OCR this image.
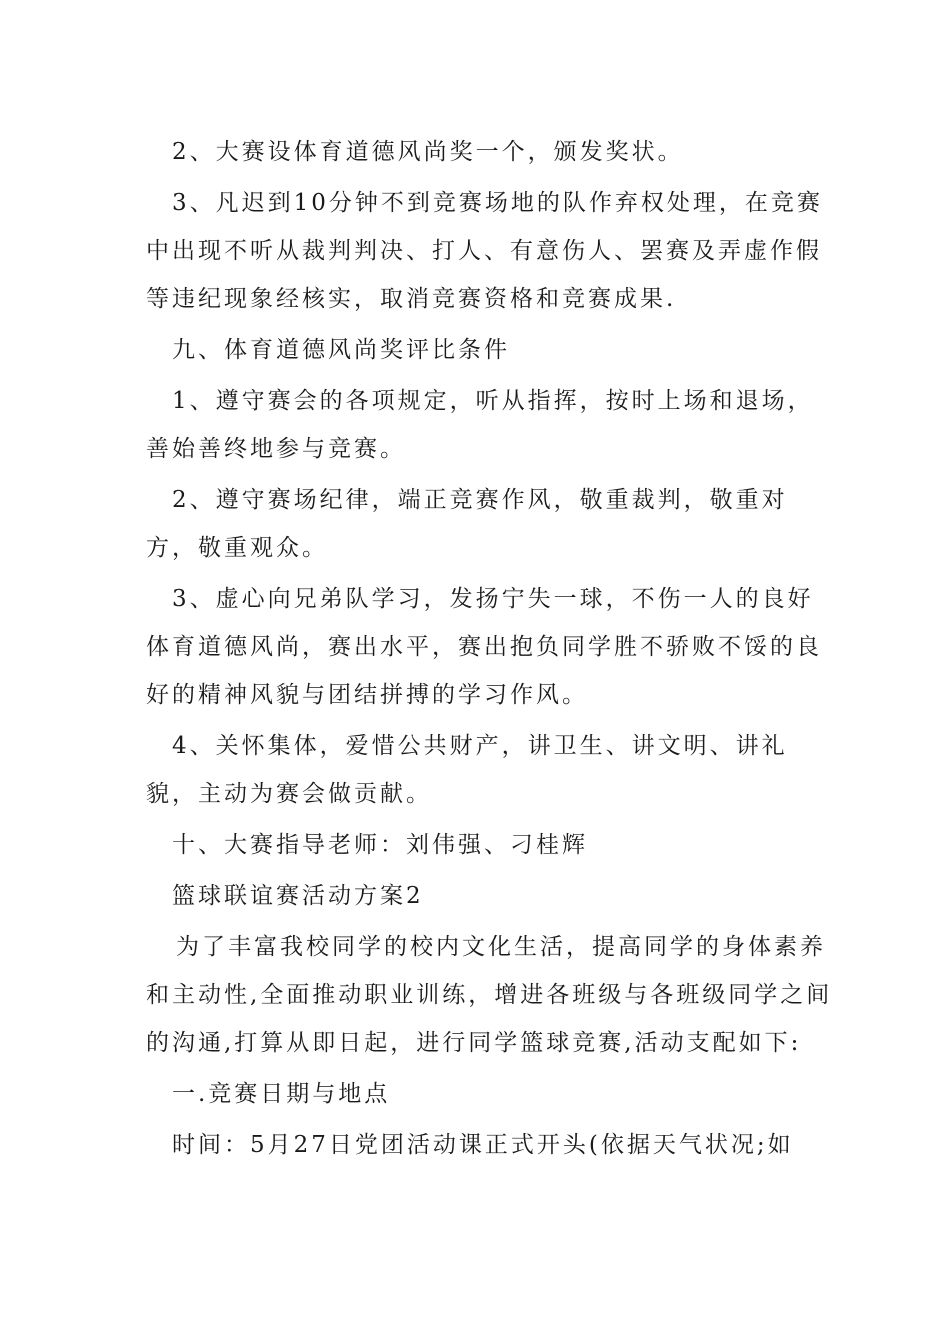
2、大赛设体育道德风尚奖一个，颁发奖状。

3、凡迟到10分钟不到竞赛场地的队作弃权处理，在竞赛中出现不听从裁判判决、打人、有意伤人、罢赛及弄虚作假等违纪现象经核实，取消竞赛资格和竞赛成果.

九、体育道德风尚奖评比条件

1、遵守赛会的各项规定，听从指挥，按时上场和退场，善始善终地参与竞赛。

2、遵守赛场纪律，端正竞赛作风，敬重裁判，敬重对方，敬重观众。

3、虚心向兄弟队学习，发扬宁失一球，不伤一人的良好体育道德风尚，赛出水平，赛出抱负同学胜不骄败不馁的良好的精神风貌与团结拼搏的学习作风。

4、关怀集体，爱惜公共财产，讲卫生、讲文明、讲礼貌，主动为赛会做贡献。

十、大赛指导老师：刘伟强、刁桂辉

篮球联谊赛活动方案2

为了丰富我校同学的校内文化生活，提高同学的身体素养和主动性,全面推动职业训练，增进各班级与各班级同学之间的沟通,打算从即日起，进行同学篮球竞赛,活动支配如下:

一.竞赛日期与地点

时间：5月27日党团活动课正式开头(依据天气状况;如
